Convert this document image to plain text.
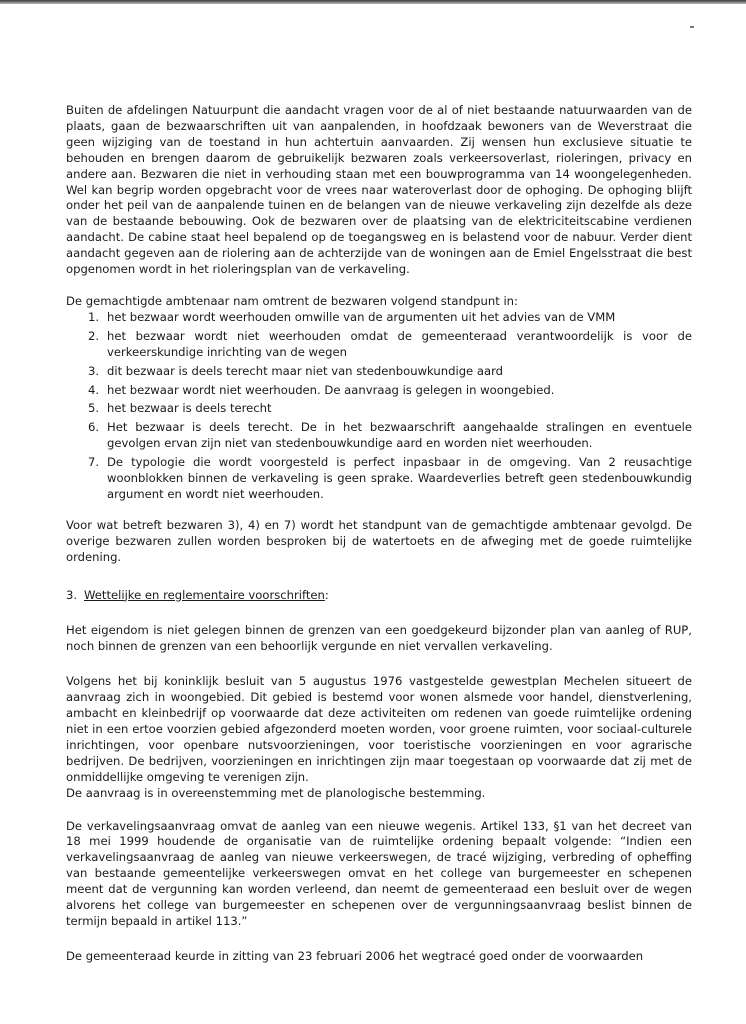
Buiten de afdelingen Natuurpunt die aandacht vragen voor de al of niet bestaande natuurwaarden van de plaats, gaan de bezwaarschriften uit van aanpalenden, in hoofdzaak bewoners van de Weverstraat die geen wijziging van de toestand in hun achtertuin aanvaarden. Zij wensen hun exclusieve situatie te behouden en brengen daarom de gebruikelijk bezwaren zoals verkeersoverlast, rioleringen, privacy en andere aan. Bezwaren die niet in verhouding staan met een bouwprogramma van 14 woongelegenheden. Wel kan begrip worden opgebracht voor de vrees naar wateroverlast door de ophoging. De ophoging blijft onder het peil van de aanpalende tuinen en de belangen van de nieuwe verkaveling zijn dezelfde als deze van de bestaande bebouwing. Ook de bezwaren over de plaatsing van de elektriciteitscabine verdienen aandacht. De cabine staat heel bepalend op de toegangsweg en is belastend voor de nabuur. Verder dient aandacht gegeven aan de riolering aan de achterzijde van de woningen aan de Emiel Engelsstraat die best opgenomen wordt in het rioleringsplan van de verkaveling.

De gemachtigde ambtenaar nam omtrent de bezwaren volgend standpunt in:

1. het bezwaar wordt weerhouden omwille van de argumenten uit het advies van de VMM
2. het bezwaar wordt niet weerhouden omdat de gemeenteraad verantwoordelijk is voor de verkeerskundige inrichting van de wegen
3. dit bezwaar is deels terecht maar niet van stedenbouwkundige aard
4. het bezwaar wordt niet weerhouden. De aanvraag is gelegen in woongebied.
5. het bezwaar is deels terecht
6. Het bezwaar is deels terecht. De in het bezwaarschrift aangehaalde stralingen en eventuele gevolgen ervan zijn niet van stedenbouwkundige aard en worden niet weerhouden.
7. De typologie die wordt voorgesteld is perfect inpasbaar in de omgeving. Van 2 reusachtige woonblokken binnen de verkaveling is geen sprake. Waardeverlies betreft geen stedenbouwkundig argument en wordt niet weerhouden.

Voor wat betreft bezwaren 3), 4) en 7) wordt het standpunt van de gemachtigde ambtenaar gevolgd. De overige bezwaren zullen worden besproken bij de watertoets en de afweging met de goede ruimtelijke ordening.

3. Wettelijke en reglementaire voorschriften :

Het eigendom is niet gelegen binnen de grenzen van een goedgekeurd bijzonder plan van aanleg of RUP, noch binnen de grenzen van een behoorlijk vergunde en niet vervallen verkaveling.

Volgens het bij koninklijk besluit van 5 augustus 1976 vastgestelde gewestplan Mechelen situeert de aanvraag zich in woongebied. Dit gebied is bestemd voor wonen alsmede voor handel, dienstverlening, ambacht en kleinbedrijf op voorwaarde dat deze activiteiten om redenen van goede ruimtelijke ordening niet in een ertoe voorzien gebied afgezonderd moeten worden, voor groene ruimten, voor sociaal-culturele inrichtingen, voor openbare nutsvoorzieningen, voor toeristische voorzieningen en voor agrarische bedrijven. De bedrijven, voorzieningen en inrichtingen zijn maar toegestaan op voorwaarde dat zij met de onmiddellijke omgeving te verenigen zijn.

De aanvraag is in overeenstemming met de planologische bestemming.

De verkavelingsaanvraag omvat de aanleg van een nieuwe wegenis. Artikel 133, §1 van het decreet van 18 mei 1999 houdende de organisatie van de ruimtelijke ordening bepaalt volgende: “Indien een verkavelingsaanvraag de aanleg van nieuwe verkeerswegen, de tracé wijziging, verbreding of opheffing van bestaande gemeentelijke verkeerswegen omvat en het college van burgemeester en schepenen meent dat de vergunning kan worden verleend, dan neemt de gemeenteraad een besluit over de wegen alvorens het college van burgemeester en schepenen over de vergunningsaanvraag beslist binnen de termijn bepaald in artikel 113.”

De gemeenteraad keurde in zitting van 23 februari 2006 het wegtracé goed onder de voorwaarden
